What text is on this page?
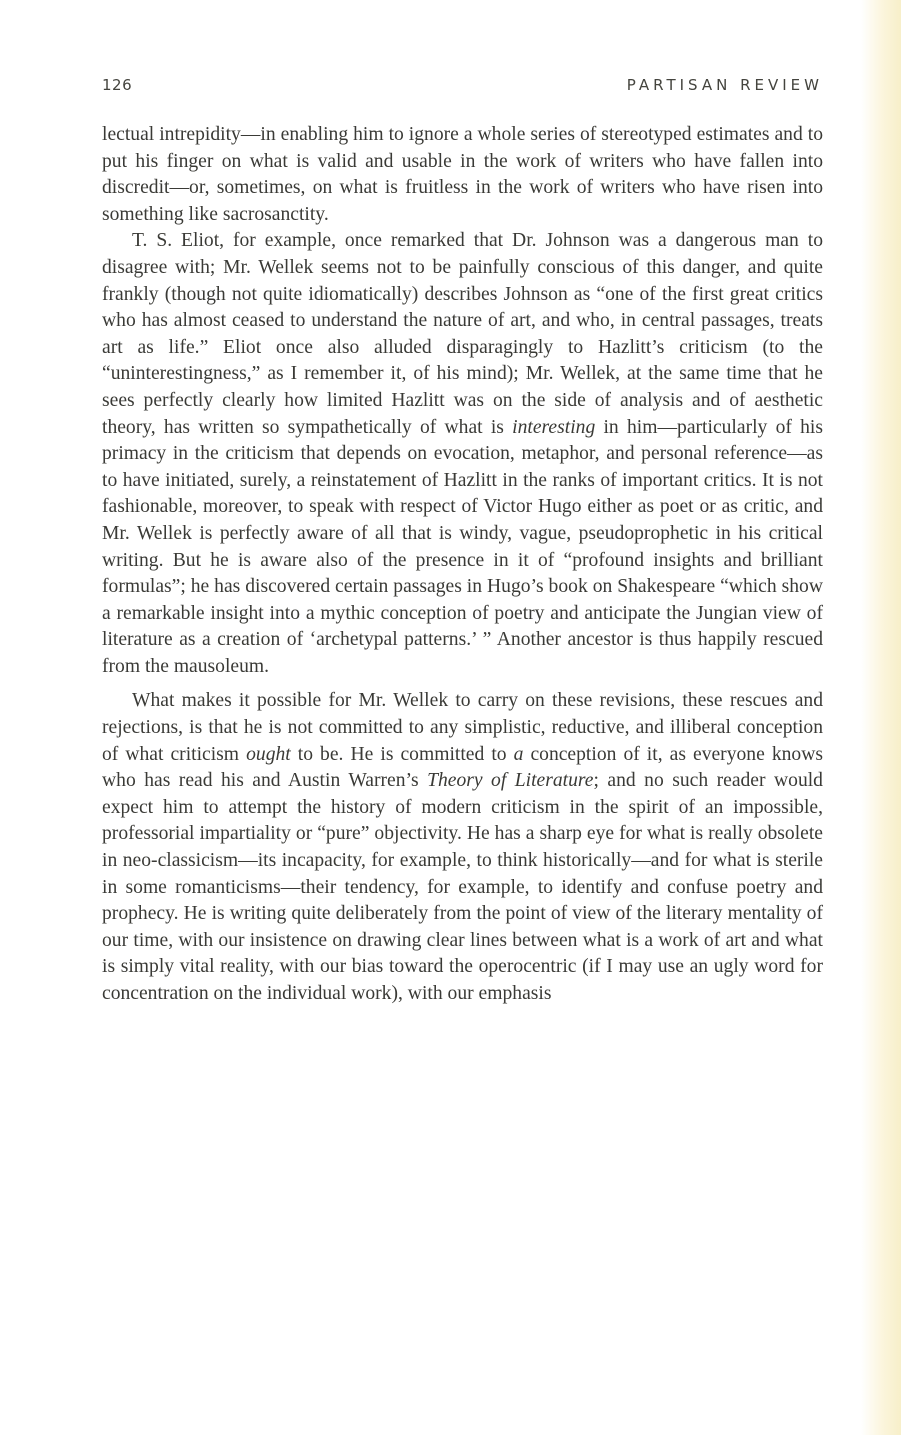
126	PARTISAN REVIEW

lectual intrepidity—in enabling him to ignore a whole series of stereotyped estimates and to put his finger on what is valid and usable in the work of writers who have fallen into discredit—or, sometimes, on what is fruitless in the work of writers who have risen into something like sacrosanctity.

T. S. Eliot, for example, once remarked that Dr. Johnson was a dangerous man to disagree with; Mr. Wellek seems not to be painfully conscious of this danger, and quite frankly (though not quite idiomatically) describes Johnson as “one of the first great critics who has almost ceased to understand the nature of art, and who, in central passages, treats art as life.” Eliot once also alluded disparagingly to Hazlitt’s criticism (to the “uninterestingness,” as I remember it, of his mind); Mr. Wellek, at the same time that he sees perfectly clearly how limited Hazlitt was on the side of analysis and of aesthetic theory, has written so sympathetically of what is interesting in him—particularly of his primacy in the criticism that depends on evocation, metaphor, and personal reference—as to have initiated, surely, a reinstatement of Hazlitt in the ranks of important critics. It is not fashionable, moreover, to speak with respect of Victor Hugo either as poet or as critic, and Mr. Wellek is perfectly aware of all that is windy, vague, pseudoprophetic in his critical writing. But he is aware also of the presence in it of “profound insights and brilliant formulas”; he has discovered certain passages in Hugo’s book on Shakespeare “which show a remarkable insight into a mythic conception of poetry and anticipate the Jungian view of literature as a creation of ‘archetypal patterns.’ ” Another ancestor is thus happily rescued from the mausoleum.

What makes it possible for Mr. Wellek to carry on these revisions, these rescues and rejections, is that he is not committed to any simplistic, reductive, and illiberal conception of what criticism ought to be. He is committed to a conception of it, as everyone knows who has read his and Austin Warren’s Theory of Literature; and no such reader would expect him to attempt the history of modern criticism in the spirit of an impossible, professorial impartiality or “pure” objectivity. He has a sharp eye for what is really obsolete in neo-classicism—its incapacity, for example, to think historically—and for what is sterile in some romanticisms—their tendency, for example, to identify and confuse poetry and prophecy. He is writing quite deliberately from the point of view of the literary mentality of our time, with our insistence on drawing clear lines between what is a work of art and what is simply vital reality, with our bias toward the operocentric (if I may use an ugly word for concentration on the individual work), with our emphasis
